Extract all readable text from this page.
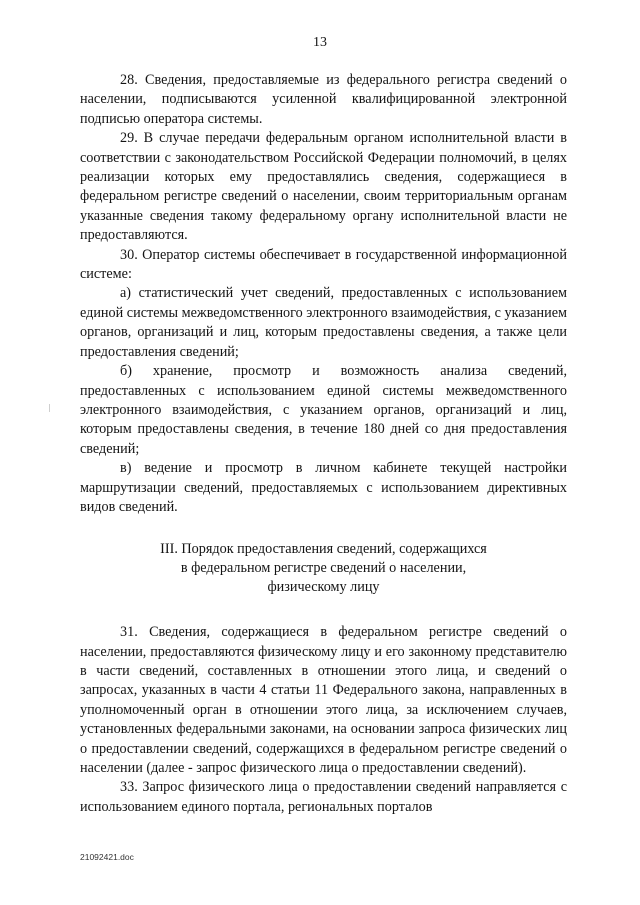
13

28. Сведения, предоставляемые из федерального регистра сведений о населении, подписываются усиленной квалифицированной электронной подписью оператора системы.

29. В случае передачи федеральным органом исполнительной власти в соответствии с законодательством Российской Федерации полномочий, в целях реализации которых ему предоставлялись сведения, содержащиеся в федеральном регистре сведений о населении, своим территориальным органам указанные сведения такому федеральному органу исполнительной власти не предоставляются.

30. Оператор системы обеспечивает в государственной информационной системе:

а) статистический учет сведений, предоставленных с использованием единой системы межведомственного электронного взаимодействия, с указанием органов, организаций и лиц, которым предоставлены сведения, а также цели предоставления сведений;

б) хранение, просмотр и возможность анализа сведений, предоставленных с использованием единой системы межведомственного электронного взаимодействия, с указанием органов, организаций и лиц, которым предоставлены сведения, в течение 180 дней со дня предоставления сведений;

в) ведение и просмотр в личном кабинете текущей настройки маршрутизации сведений, предоставляемых с использованием директивных видов сведений.

III. Порядок предоставления сведений, содержащихся
в федеральном регистре сведений о населении,
физическому лицу

31. Сведения, содержащиеся в федеральном регистре сведений о населении, предоставляются физическому лицу и его законному представителю в части сведений, составленных в отношении этого лица, и сведений о запросах, указанных в части 4 статьи 11 Федерального закона, направленных в уполномоченный орган в отношении этого лица, за исключением случаев, установленных федеральными законами, на основании запроса физических лиц о предоставлении сведений, содержащихся в федеральном регистре сведений о населении (далее - запрос физического лица о предоставлении сведений).

33. Запрос физического лица о предоставлении сведений направляется с использованием единого портала, региональных порталов

21092421.doc
